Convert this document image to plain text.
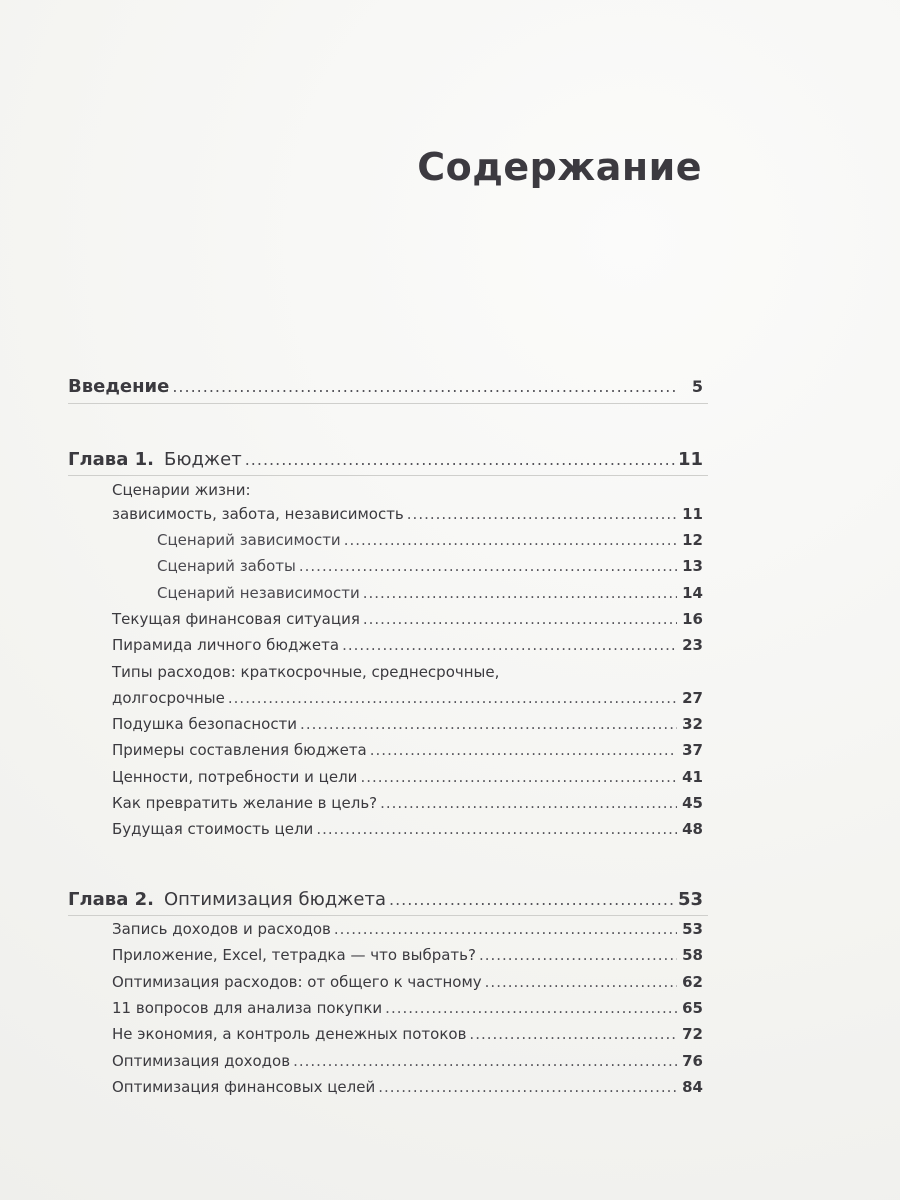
Содержание
Введение .....	5
Глава 1. Бюджет .....	11
Сценарии жизни:
зависимость, забота, независимость .....	11
Сценарий зависимости .....	12
Сценарий заботы .....	13
Сценарий независимости .....	14
Текущая финансовая ситуация .....	16
Пирамида личного бюджета .....	23
Типы расходов: краткосрочные, среднесрочные,
долгосрочные .....	27
Подушка безопасности .....	32
Примеры составления бюджета .....	37
Ценности, потребности и цели .....	41
Как превратить желание в цель? .....	45
Будущая стоимость цели .....	48
Глава 2. Оптимизация бюджета .....	53
Запись доходов и расходов .....	53
Приложение, Excel, тетрадка — что выбрать? .....	58
Оптимизация расходов: от общего к частному .....	62
11 вопросов для анализа покупки .....	65
Не экономия, а контроль денежных потоков .....	72
Оптимизация доходов .....	76
Оптимизация финансовых целей .....	84
